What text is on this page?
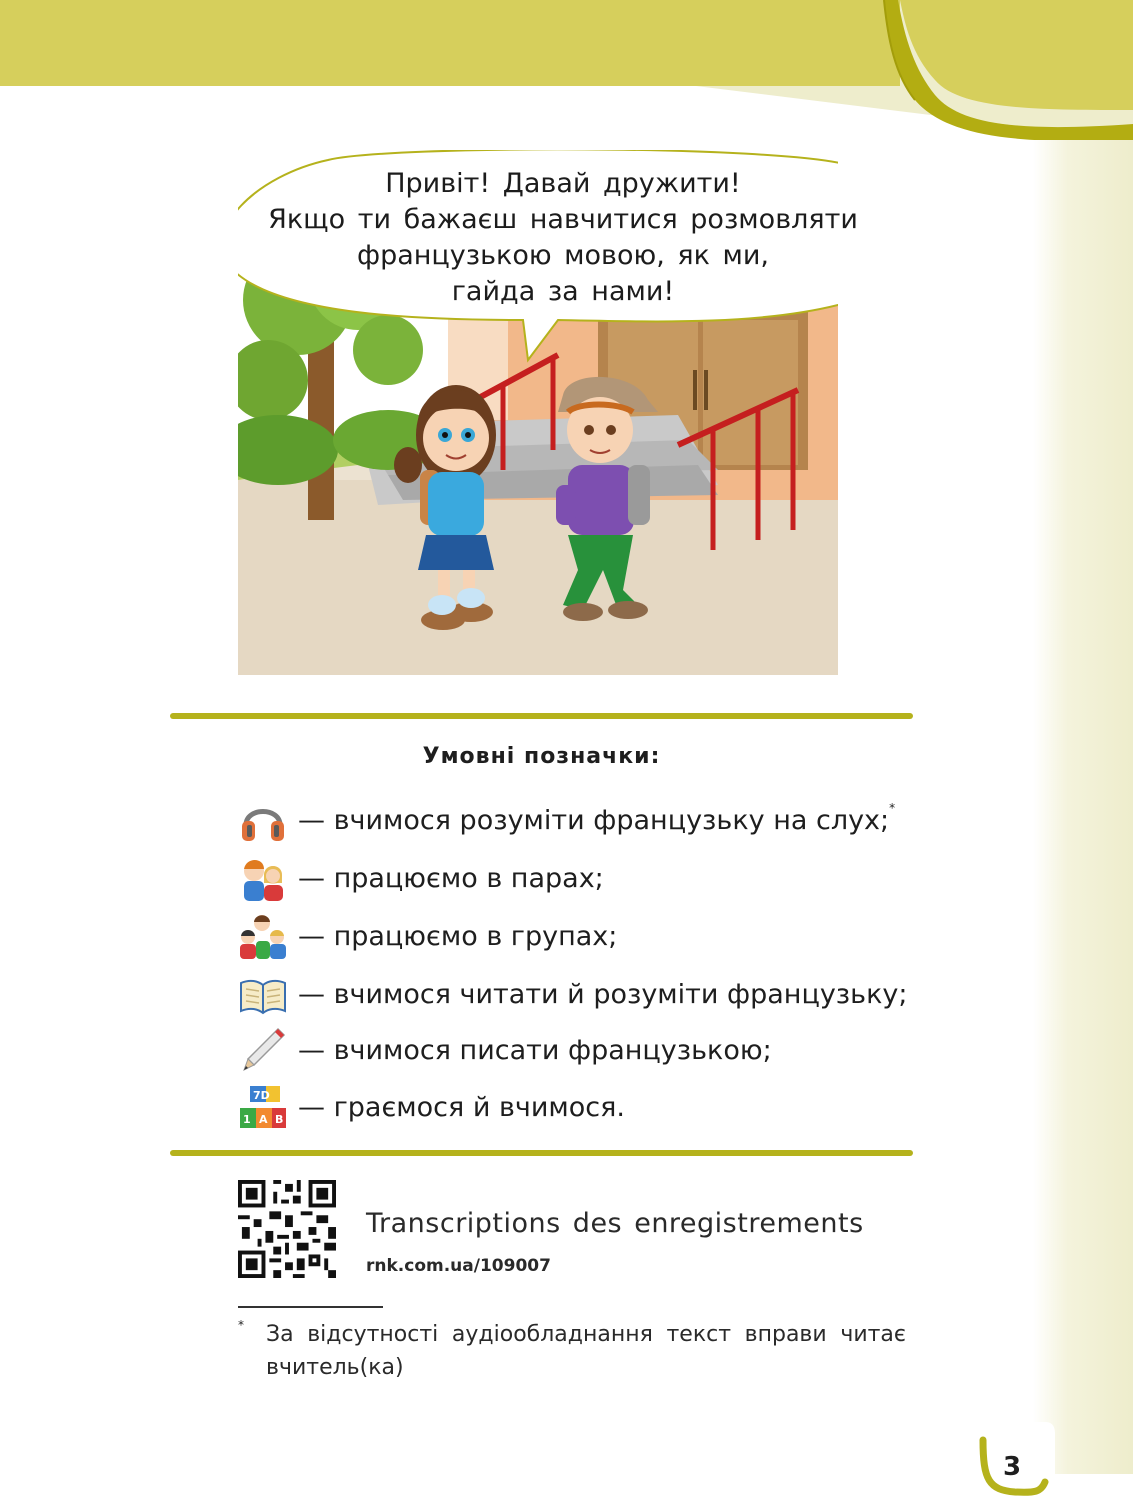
Привіт! Давай дружити!
Якщо ти бажаєш навчитися розмовляти
французькою мовою, як ми,
гайда за нами!
Умовні позначки:
— вчимося розуміти французьку на слух;*
— працюємо в парах;
— працюємо в групах;
— вчимося читати й розуміти французьку;
— вчимося писати французькою;
7D
1 A B — граємося й вчимося.
Transcriptions des enregistrements
rnk.com.ua/109007
* За відсутності аудіообладнання текст вправи читає вчитель(ка)
3
